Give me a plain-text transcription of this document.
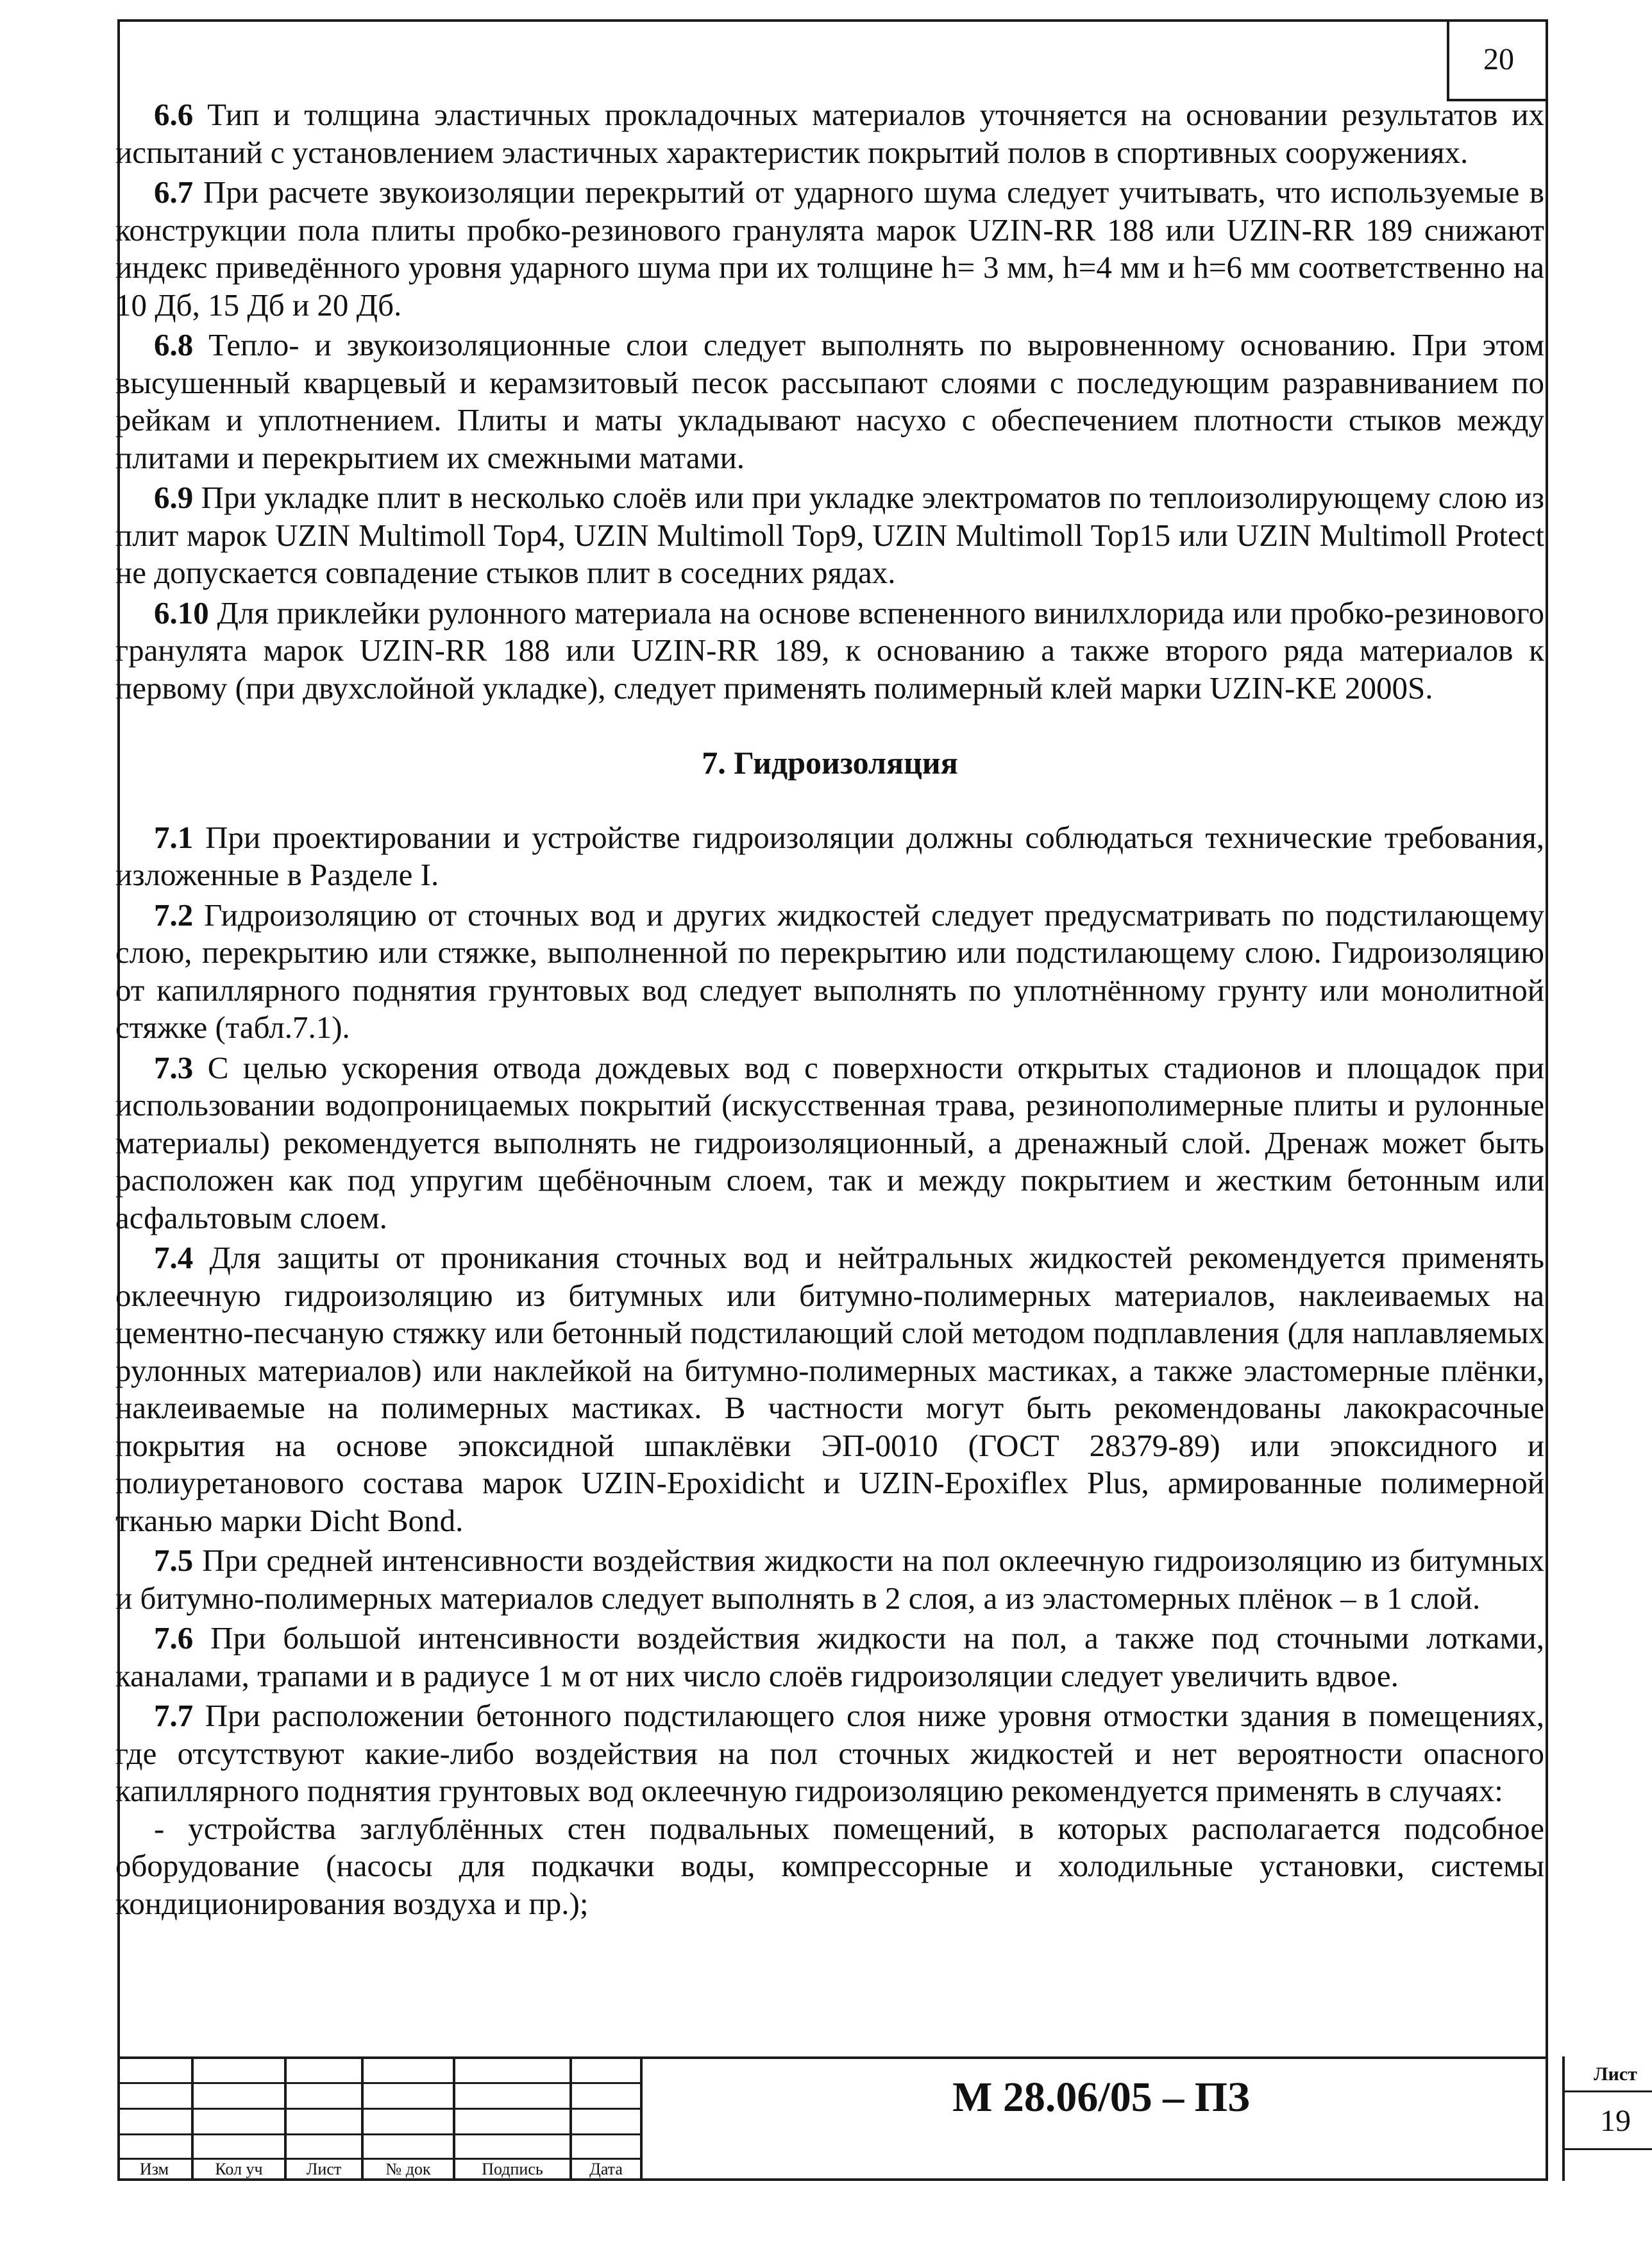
20

6.6 Тип и толщина эластичных прокладочных материалов уточняется на основании результатов их испытаний с установлением эластичных характеристик покрытий полов в спортивных сооружениях.

6.7 При расчете звукоизоляции перекрытий от ударного шума следует учитывать, что используемые в конструкции пола плиты пробко-резинового гранулята марок UZIN-RR 188 или UZIN-RR 189 снижают индекс приведённого уровня ударного шума при их толщине h= 3 мм, h=4 мм и h=6 мм соответственно на 10 Дб, 15 Дб и 20 Дб.

6.8 Тепло- и звукоизоляционные слои следует выполнять по выровненному основанию. При этом высушенный кварцевый и керамзитовый песок рассыпают слоями с последующим разравниванием по рейкам и уплотнением. Плиты и маты укладывают насухо с обеспечением плотности стыков между плитами и перекрытием их смежными матами.

6.9 При укладке плит в несколько слоёв или при укладке электроматов по теплоизолирующему слою из плит марок UZIN Multimoll Top4, UZIN Multimoll Top9, UZIN Multimoll Top15 или UZIN Multimoll Protect не допускается совпадение стыков плит в соседних рядах.

6.10 Для приклейки рулонного материала на основе вспененного винилхлорида или пробко-резинового гранулята марок UZIN-RR 188 или UZIN-RR 189, к основанию а также второго ряда материалов к первому (при двухслойной укладке), следует применять полимерный клей марки UZIN-KE 2000S.

7. Гидроизоляция

7.1 При проектировании и устройстве гидроизоляции должны соблюдаться технические требования, изложенные в Разделе I.

7.2 Гидроизоляцию от сточных вод и других жидкостей следует предусматривать по подстилающему слою, перекрытию или стяжке, выполненной по перекрытию или подстилающему слою. Гидроизоляцию от капиллярного поднятия грунтовых вод следует выполнять по уплотнённому грунту или монолитной стяжке (табл.7.1).

7.3 С целью ускорения отвода дождевых вод с поверхности открытых стадионов и площадок при использовании водопроницаемых покрытий (искусственная трава, резинополимерные плиты и рулонные материалы) рекомендуется выполнять не гидроизоляционный, а дренажный слой. Дренаж может быть расположен как под упругим щебёночным слоем, так и между покрытием и жестким бетонным или асфальтовым слоем.

7.4 Для защиты от проникания сточных вод и нейтральных жидкостей рекомендуется применять оклеечную гидроизоляцию из битумных или битумно-полимерных материалов, наклеиваемых на цементно-песчаную стяжку или бетонный подстилающий слой методом подплавления (для наплавляемых рулонных материалов) или наклейкой на битумно-полимерных мастиках, а также эластомерные плёнки, наклеиваемые на полимерных мастиках. В частности могут быть рекомендованы лакокрасочные покрытия на основе эпоксидной шпаклёвки ЭП-0010 (ГОСТ 28379-89) или эпоксидного и полиуретанового состава марок UZIN-Epoxidicht и UZIN-Epoxiflex Plus, армированные полимерной тканью марки Dicht Bond.

7.5 При средней интенсивности воздействия жидкости на пол оклеечную гидроизоляцию из битумных и битумно-полимерных материалов следует выполнять в 2 слоя, а из эластомерных плёнок – в 1 слой.

7.6 При большой интенсивности воздействия жидкости на пол, а также под сточными лотками, каналами, трапами и в радиусе 1 м от них число слоёв гидроизоляции следует увеличить вдвое.

7.7 При расположении бетонного подстилающего слоя ниже уровня отмостки здания в помещениях, где отсутствуют какие-либо воздействия на пол сточных жидкостей и нет вероятности опасного капиллярного поднятия грунтовых вод оклеечную гидроизоляцию рекомендуется применять в случаях:

- устройства заглублённых стен подвальных помещений, в которых располагается подсобное оборудование (насосы для подкачки воды, компрессорные и холодильные установки, системы кондиционирования воздуха и пр.);

Изм	Кол уч	Лист	№ док	Подпись	Дата
М 28.06/05 – ПЗ	Лист
19
